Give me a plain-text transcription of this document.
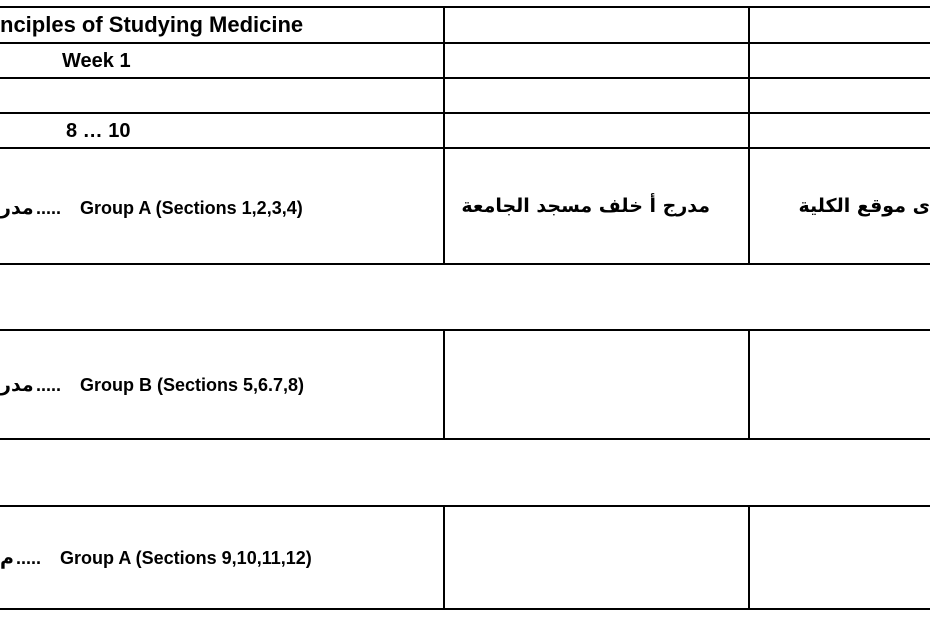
nciples of Studying Medicine
Week 1
8 … 10
مدر ..... Group A (Sections 1,2,3,4)	مدرج أ خلف مسجد الجامعة	ى موقع الكلية
مدر ..... Group B (Sections 5,6.7,8)
م ..... Group A (Sections 9,10,11,12)
